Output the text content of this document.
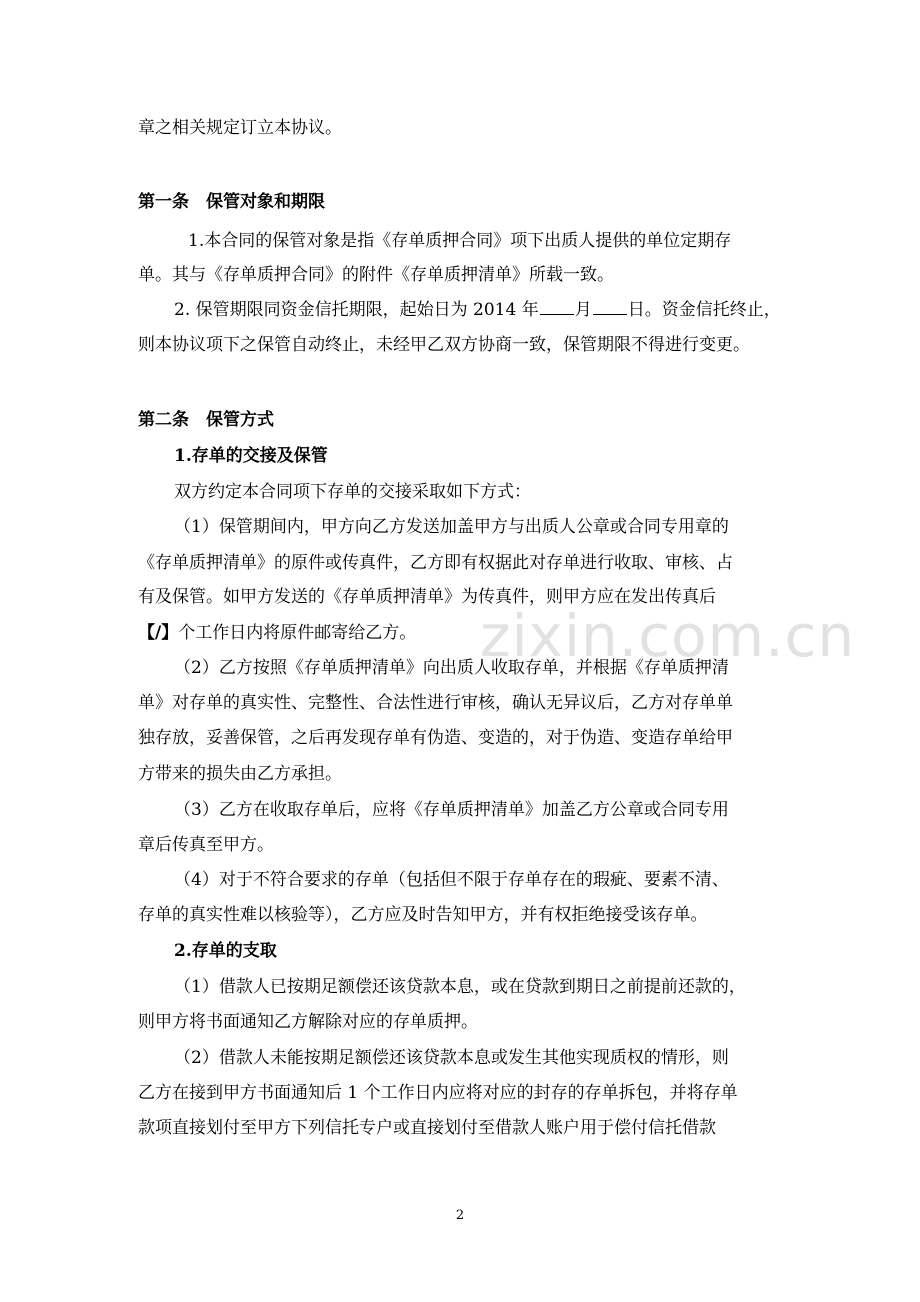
章之相关规定订立本协议。
第一条　保管对象和期限
1.本合同的保管对象是指《存单质押合同》项下出质人提供的单位定期存
单。其与《存单质押合同》的附件《存单质押清单》所载一致。
2. 保管期限同资金信托期限，起始日为 2014 年 月 日。资金信托终止，
则本协议项下之保管自动终止，未经甲乙双方协商一致，保管期限不得进行变更。
第二条　保管方式
1.存单的交接及保管
双方约定本合同项下存单的交接采取如下方式：
（1）保管期间内，甲方向乙方发送加盖甲方与出质人公章或合同专用章的
《存单质押清单》的原件或传真件，乙方即有权据此对存单进行收取、审核、占
有及保管。如甲方发送的《存单质押清单》为传真件，则甲方应在发出传真后
【/】个工作日内将原件邮寄给乙方。
（2）乙方按照《存单质押清单》向出质人收取存单，并根据《存单质押清
单》对存单的真实性、完整性、合法性进行审核，确认无异议后，乙方对存单单
独存放，妥善保管，之后再发现存单有伪造、变造的，对于伪造、变造存单给甲
方带来的损失由乙方承担。
（3）乙方在收取存单后，应将《存单质押清单》加盖乙方公章或合同专用
章后传真至甲方。
（4）对于不符合要求的存单（包括但不限于存单存在的瑕疵、要素不清、
存单的真实性难以核验等），乙方应及时告知甲方，并有权拒绝接受该存单。
2.存单的支取
（1）借款人已按期足额偿还该贷款本息，或在贷款到期日之前提前还款的，
则甲方将书面通知乙方解除对应的存单质押。
（2）借款人未能按期足额偿还该贷款本息或发生其他实现质权的情形，则
乙方在接到甲方书面通知后 1 个工作日内应将对应的封存的存单拆包，并将存单
款项直接划付至甲方下列信托专户或直接划付至借款人账户用于偿付信托借款
zixin.com.cn
2
